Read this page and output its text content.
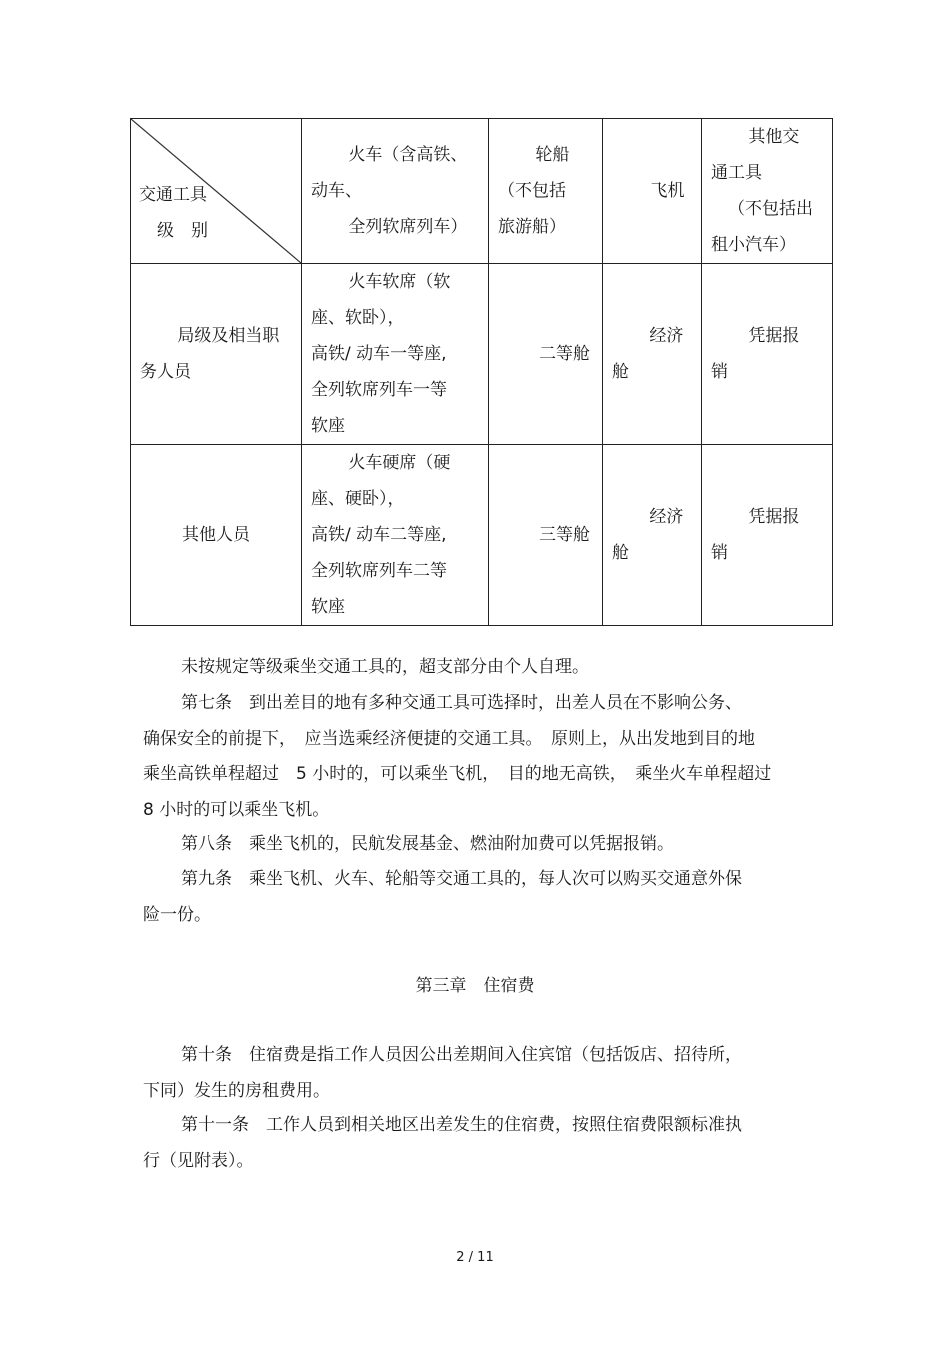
交通工具
级　别	火车（含高铁、
动车、
全列软席列车）	轮船
（不包括
旅游船）	飞机	其他交
通工具
（不包括出
租小汽车）

局级及相当职
务人员	火车软席（软
座、软卧），
高铁/ 动车一等座,
全列软席列车一等
软座	二等舱	经济
舱	凭据报
销

其他人员	火车硬席（硬
座、硬卧），
高铁/ 动车二等座,
全列软席列车二等
软座	三等舱	经济
舱	凭据报
销
未按规定等级乘坐交通工具的，超支部分由个人自理。
第七条　到出差目的地有多种交通工具可选择时，出差人员在不影响公务、
确保安全的前提下，　应当选乘经济便捷的交通工具。　原则上，从出发地到目的地
乘坐高铁单程超过　5 小时的，可以乘坐飞机，　目的地无高铁，　乘坐火车单程超过
8 小时的可以乘坐飞机。
第八条　乘坐飞机的，民航发展基金、燃油附加费可以凭据报销。
第九条　乘坐飞机、火车、轮船等交通工具的，每人次可以购买交通意外保
险一份。
第三章　住宿费
第十条　住宿费是指工作人员因公出差期间入住宾馆（包括饭店、招待所，
下同）发生的房租费用。
第十一条　工作人员到相关地区出差发生的住宿费，按照住宿费限额标准执
行（见附表）。
2 / 11
